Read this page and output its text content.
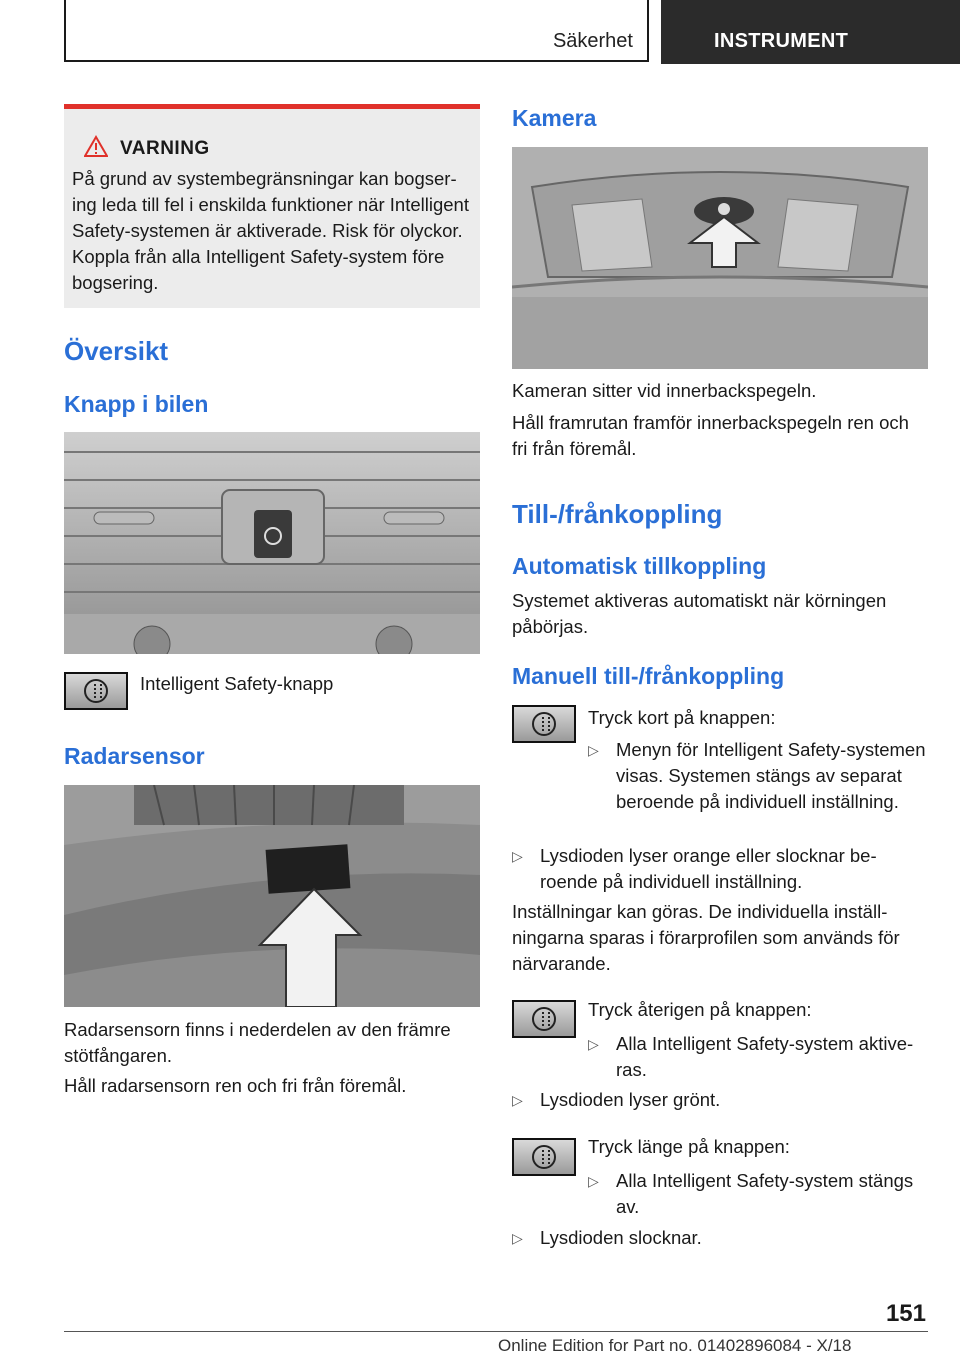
Säkerhet	INSTRUMENT
VARNING
På grund av systembegränsningar kan bogsering leda till fel i enskilda funktioner när Intelligent Safety-systemen är aktiverade. Risk för olyckor. Koppla från alla Intelligent Safety-system före bogsering.
Översikt
Knapp i bilen

Intelligent Safety-knapp

Radarsensor

Radarsensorn finns i nederdelen av den främre stötfångaren.

Håll radarsensorn ren och fri från föremål.

Kamera

Kameran sitter vid innerbackspegeln.

Håll framrutan framför innerbackspegeln ren och fri från föremål.

Till-/frånkoppling
Automatisk tillkoppling

Systemet aktiveras automatiskt när körningen påbörjas.

Manuell till-/frånkoppling

Tryck kort på knappen:

▷ Menyn för Intelligent Safety-systemen visas. Systemen stängs av separat beroende på individuell inställning.
▷ Lysdioden lyser orange eller slocknar beroende på individuell inställning.

Inställningar kan göras. De individuella inställningarna sparas i förarprofilen som används för närvarande.

Tryck återigen på knappen:

▷ Alla Intelligent Safety-system aktiveras.
▷ Lysdioden lyser grönt.

Tryck länge på knappen:

▷ Alla Intelligent Safety-system stängs av.
▷ Lysdioden slocknar.
151
Online Edition for Part no. 01402896084 - X/18
